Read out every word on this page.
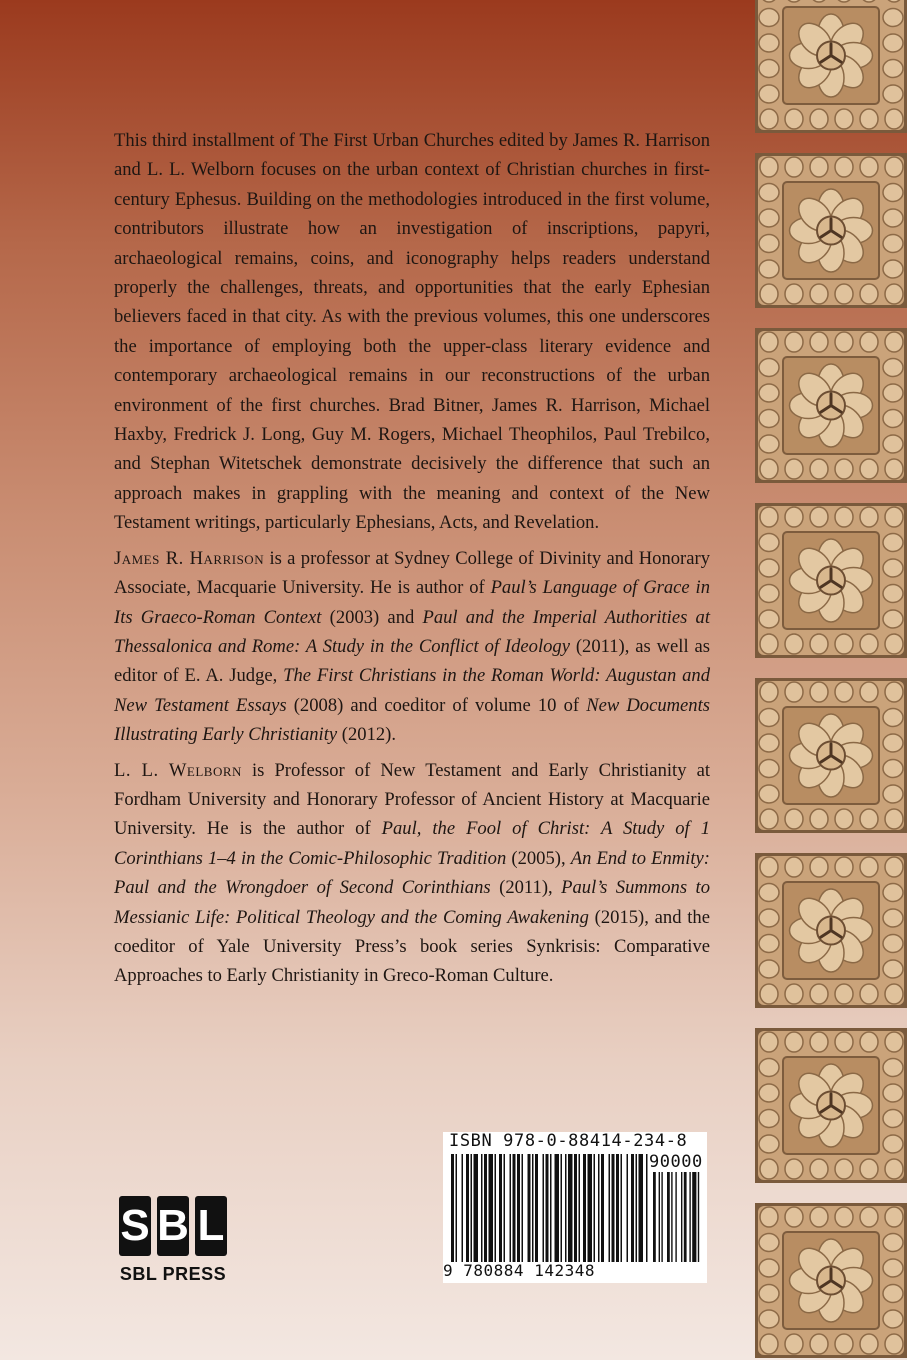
This third installment of The First Urban Churches edited by James R. Harrison and L. L. Welborn focuses on the urban context of Christian churches in first-century Ephesus. Building on the methodologies introduced in the first volume, contributors illustrate how an investigation of inscriptions, papyri, archaeological remains, coins, and iconography helps readers understand properly the challenges, threats, and opportunities that the early Ephesian believers faced in that city. As with the previous volumes, this one underscores the importance of employing both the upper-class literary evidence and contemporary archaeological remains in our reconstructions of the urban environment of the first churches. Brad Bitner, James R. Harrison, Michael Haxby, Fredrick J. Long, Guy M. Rogers, Michael Theophilos, Paul Trebilco, and Stephan Witetschek demonstrate decisively the difference that such an approach makes in grappling with the meaning and context of the New Testament writings, particularly Ephesians, Acts, and Revelation.

James R. Harrison is a professor at Sydney College of Divinity and Honorary Associate, Macquarie University. He is author of Paul’s Language of Grace in Its Graeco-Roman Context (2003) and Paul and the Imperial Authorities at Thessalonica and Rome: A Study in the Conflict of Ideology (2011), as well as editor of E. A. Judge, The First Christians in the Roman World: Augustan and New Testament Essays (2008) and coeditor of volume 10 of New Documents Illustrating Early Christianity (2012).

L. L. Welborn is Professor of New Testament and Early Christianity at Fordham University and Honorary Professor of Ancient History at Macquarie University. He is the author of Paul, the Fool of Christ: A Study of 1 Corinthians 1–4 in the Comic-Philosophic Tradition (2005), An End to Enmity: Paul and the Wrongdoer of Second Corinthians (2011), Paul’s Summons to Messianic Life: Political Theology and the Coming Awakening (2015), and the coeditor of Yale University Press’s book series Synkrisis: Comparative Approaches to Early Christianity in Greco-Roman Culture.

ISBN 978-0-88414-234-8
90000
9 780884 142348
S B L
SBL PRESS
